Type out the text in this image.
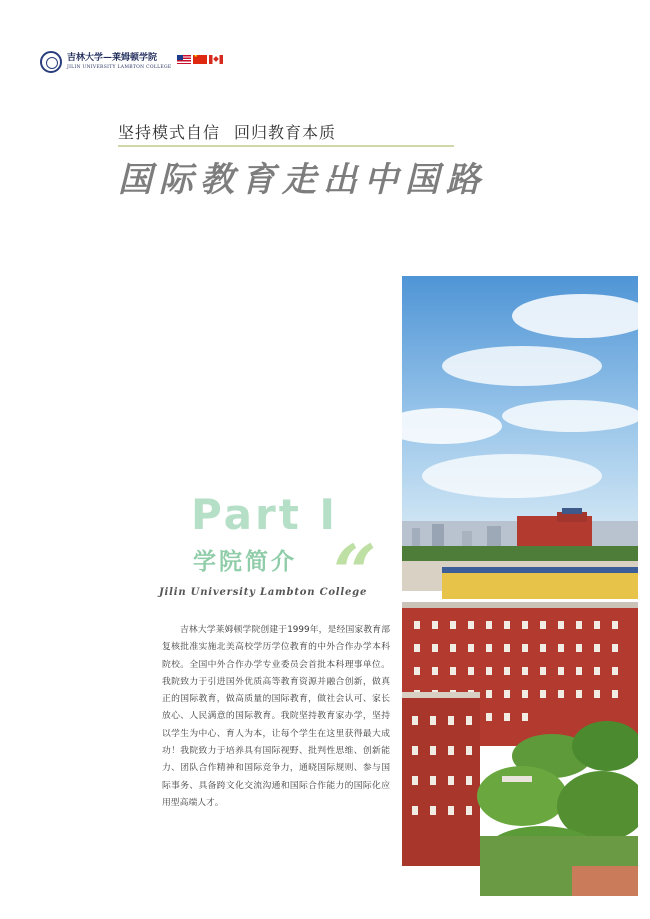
吉林大学—莱姆顿学院
JILIN UNIVERSITY LAMBTON COLLEGE
★
坚持模式自信 回归教育本质
国际教育走出中国路
Part I
学院简介 “
Jilin University Lambton College

吉林大学莱姆顿学院创建于1999年，是经国家教育部复核批准实施北美高校学历学位教育的中外合作办学本科院校。全国中外合作办学专业委员会首批本科理事单位。我院致力于引进国外优质高等教育资源并融合创新，做真正的国际教育，做高质量的国际教育，做社会认可、家长放心、人民满意的国际教育。我院坚持教育家办学，坚持以学生为中心、育人为本，让每个学生在这里获得最大成功！我院致力于培养具有国际视野、批判性思维、创新能力、团队合作精神和国际竞争力，通晓国际规则、参与国际事务、具备跨文化交流沟通和国际合作能力的国际化应用型高端人才。
